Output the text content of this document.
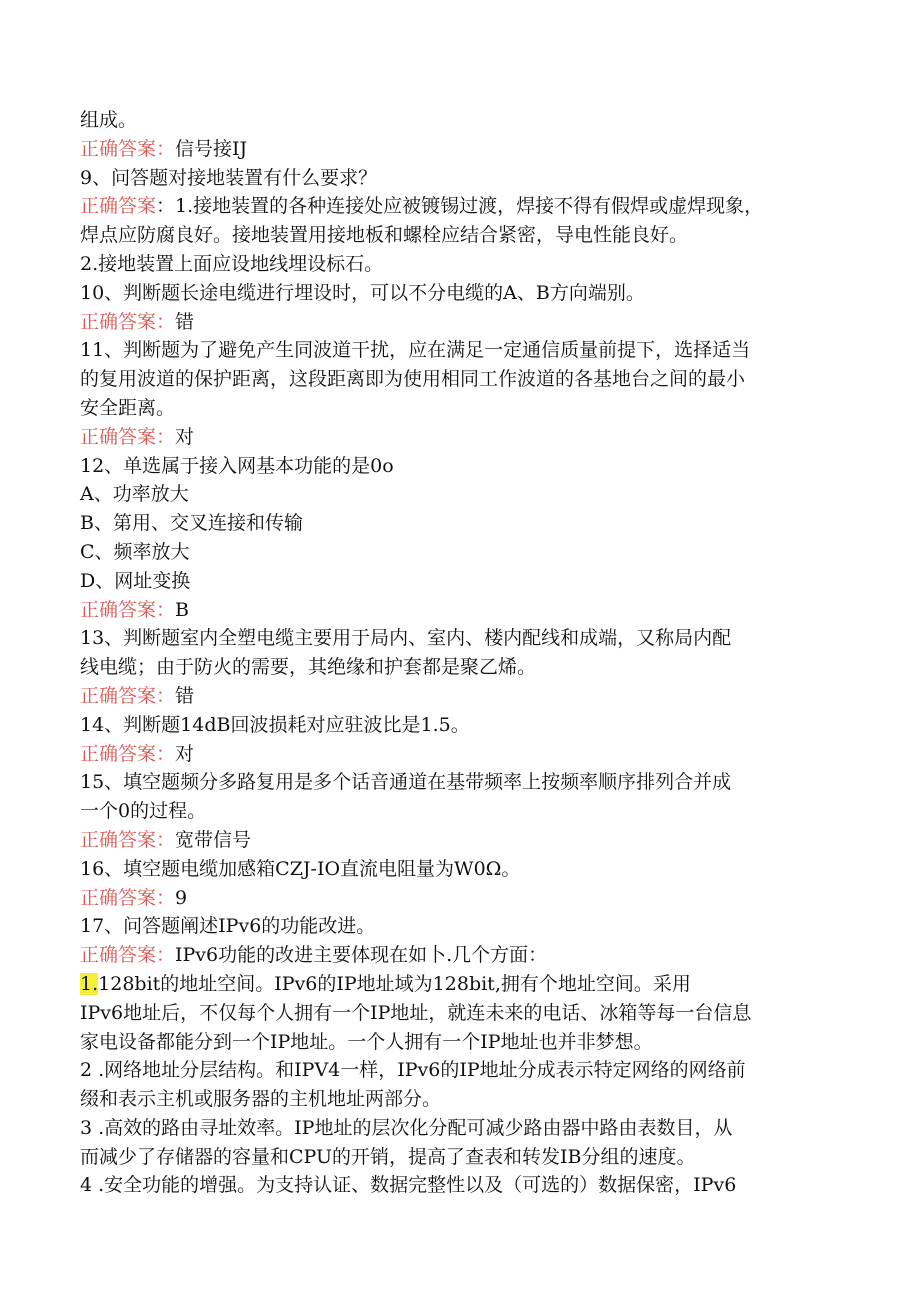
组成。
正确答案：信号接IJ
9、问答题对接地装置有什么要求？
正确答案：1.接地装置的各种连接处应被镀锡过渡，焊接不得有假焊或虚焊现象，
焊点应防腐良好。接地装置用接地板和螺栓应结合紧密，导电性能良好。
2.接地装置上面应设地线埋设标石。
10、判断题长途电缆进行埋设时，可以不分电缆的A、B方向端别。
正确答案：错
11、判断题为了避免产生同波道干扰，应在满足一定通信质量前提下，选择适当
的复用波道的保护距离，这段距离即为使用相同工作波道的各基地台之间的最小
安全距离。
正确答案：对
12、单选属于接入网基本功能的是0o
A、功率放大
B、第用、交叉连接和传输
C、频率放大
D、网址变换
正确答案：B
13、判断题室内全塑电缆主要用于局内、室内、楼内配线和成端，又称局内配
线电缆；由于防火的需要，其绝缘和护套都是聚乙烯。
正确答案：错
14、判断题14dB回波损耗对应驻波比是1.5。
正确答案：对
15、填空题频分多路复用是多个话音通道在基带频率上按频率顺序排列合并成
一个0的过程。
正确答案：宽带信号
16、填空题电缆加感箱CZJ-IO直流电阻量为W0Ω。
正确答案：9
17、问答题阐述IPv6的功能改进。
正确答案：IPv6功能的改进主要体现在如卜.几个方面：
1.128bit的地址空间。IPv6的IP地址域为128bit,拥有个地址空间。采用
IPv6地址后，不仅每个人拥有一个IP地址，就连未来的电话、冰箱等每一台信息
家电设备都能分到一个IP地址。一个人拥有一个IP地址也并非梦想。
2 .网络地址分层结构。和IPV4一样，IPv6的IP地址分成表示特定网络的网络前
缀和表示主机或服务器的主机地址两部分。
3 .高效的路由寻址效率。IP地址的层次化分配可减少路由器中路由表数目，从
而减少了存储器的容量和CPU的开销，提高了查表和转发IB分组的速度。
4 .安全功能的增强。为支持认证、数据完整性以及（可选的）数据保密，IPv6
